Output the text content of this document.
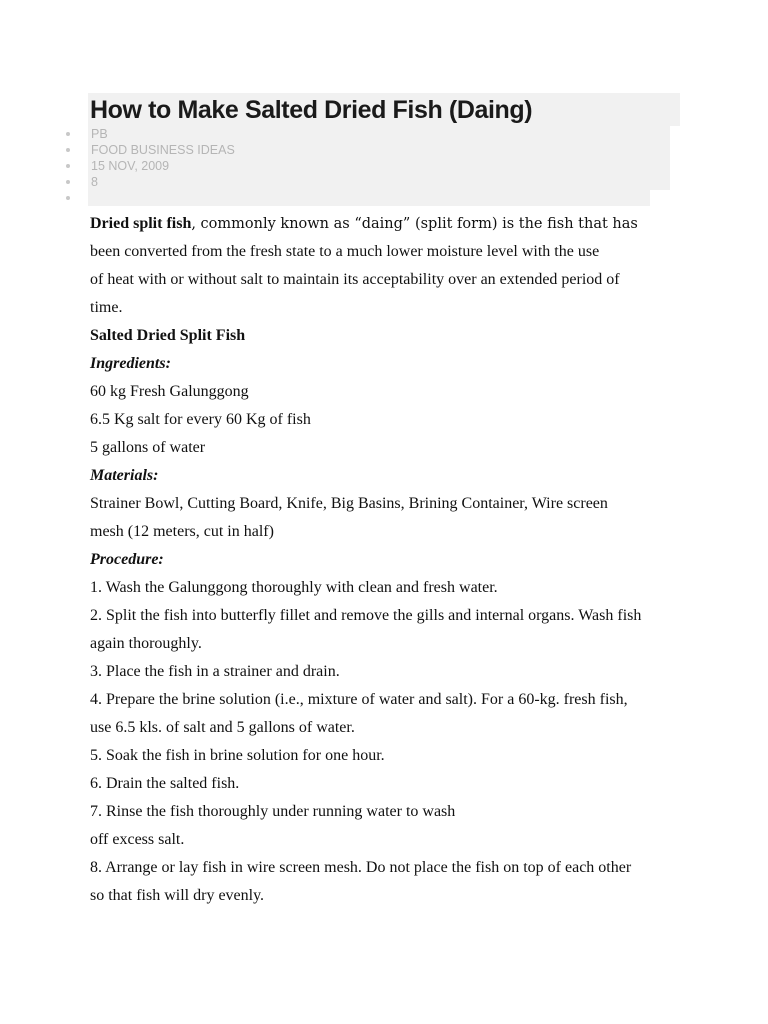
How to Make Salted Dried Fish (Daing)
PB
FOOD BUSINESS IDEAS
15 NOV, 2009
8
Dried split fish, commonly known as “daing” (split form) is the fish that has
been converted from the fresh state to a much lower moisture level with the use
of heat with or without salt to maintain its acceptability over an extended period of
time.
Salted Dried Split Fish
Ingredients:
60 kg Fresh Galunggong
6.5 Kg salt for every 60 Kg of fish
5 gallons of water
Materials:
Strainer Bowl, Cutting Board, Knife, Big Basins, Brining Container, Wire screen
mesh (12 meters, cut in half)
Procedure:
1. Wash the Galunggong thoroughly with clean and fresh water.
2. Split the fish into butterfly fillet and remove the gills and internal organs. Wash fish
again thoroughly.
3. Place the fish in a strainer and drain.
4. Prepare the brine solution (i.e., mixture of water and salt). For a 60-kg. fresh fish,
use 6.5 kls. of salt and 5 gallons of water.
5. Soak the fish in brine solution for one hour.
6. Drain the salted fish.
7. Rinse the fish thoroughly under running water to wash
off excess salt.
8. Arrange or lay fish in wire screen mesh. Do not place the fish on top of each other
so that fish will dry evenly.
